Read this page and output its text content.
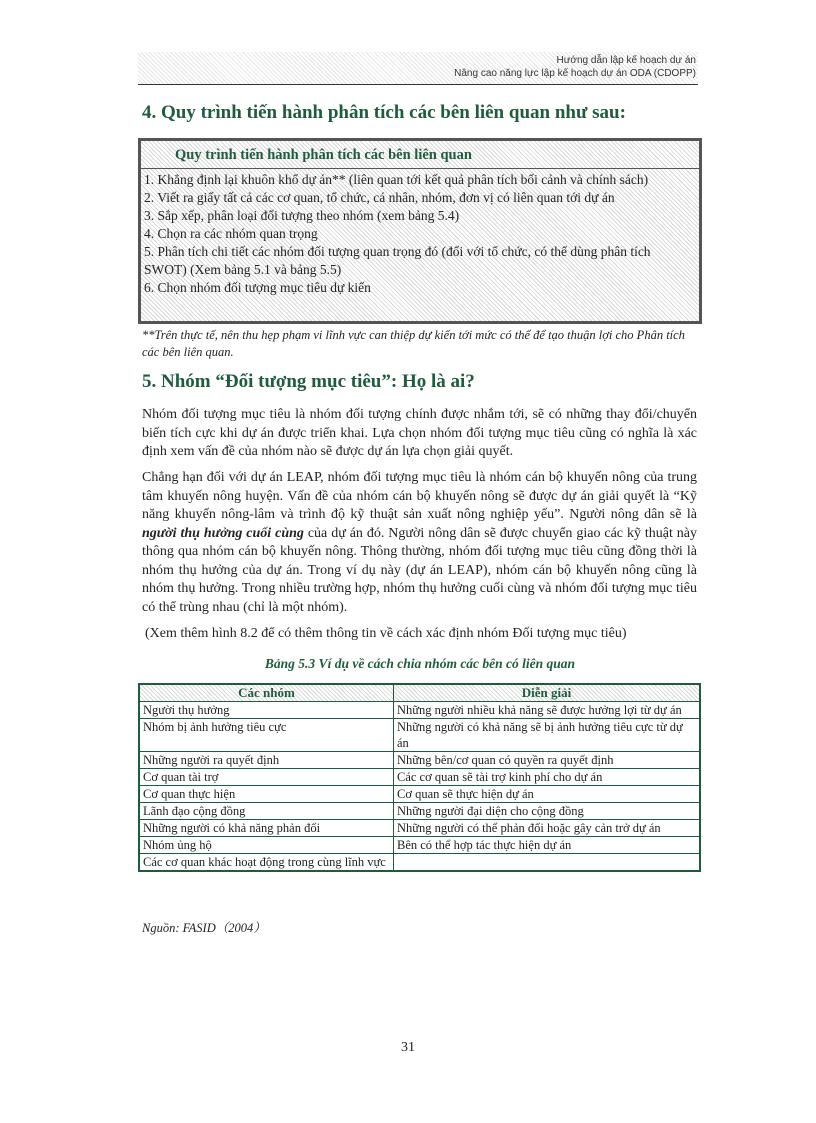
Hướng dẫn lập kế hoạch dự án
Nâng cao năng lực lập kế hoạch dự án ODA (CDOPP)
4. Quy trình tiến hành phân tích các bên liên quan như sau:
Quy trình tiến hành phân tích các bên liên quan
1. Khẳng định lại khuôn khổ dự án** (liên quan tới kết quả phân tích bối cảnh và chính sách)
2. Viết ra giấy tất cả các cơ quan, tổ chức, cá nhân, nhóm, đơn vị có liên quan tới dự án
3. Sắp xếp, phân loại đối tượng theo nhóm (xem bảng 5.4)
4. Chọn ra các nhóm quan trọng
5. Phân tích chi tiết các nhóm đối tượng quan trọng đó (đối với tổ chức, có thể dùng phân tích SWOT) (Xem bảng 5.1 và bảng 5.5)
6. Chọn nhóm đối tượng mục tiêu dự kiến
**Trên thực tế, nên thu hẹp phạm vi lĩnh vực can thiệp dự kiến tới mức có thể để tạo thuận lợi cho Phân tích các bên liên quan.
5. Nhóm “Đối tượng mục tiêu”: Họ là ai?

Nhóm đối tượng mục tiêu là nhóm đối tượng chính được nhắm tới, sẽ có những thay đổi/chuyển biến tích cực khi dự án được triển khai. Lựa chọn nhóm đối tượng mục tiêu cũng có nghĩa là xác định xem vấn đề của nhóm nào sẽ được dự án lựa chọn giải quyết.

Chẳng hạn đối với dự án LEAP, nhóm đối tượng mục tiêu là nhóm cán bộ khuyến nông của trung tâm khuyến nông huyện. Vấn đề của nhóm cán bộ khuyến nông sẽ được dự án giải quyết là “Kỹ năng khuyến nông-lâm và trình độ kỹ thuật sản xuất nông nghiệp yếu”. Người nông dân sẽ là người thụ hưởng cuối cùng của dự án đó. Người nông dân sẽ được chuyển giao các kỹ thuật này thông qua nhóm cán bộ khuyến nông. Thông thường, nhóm đối tượng mục tiêu cũng đồng thời là nhóm thụ hưởng của dự án. Trong ví dụ này (dự án LEAP), nhóm cán bộ khuyến nông cũng là nhóm thụ hưởng. Trong nhiều trường hợp, nhóm thụ hưởng cuối cùng và nhóm đối tượng mục tiêu có thể trùng nhau (chỉ là một nhóm).

(Xem thêm hình 8.2 để có thêm thông tin về cách xác định nhóm Đối tượng mục tiêu)

Bảng 5.3 Ví dụ về cách chia nhóm các bên có liên quan
Các nhóm	Diễn giải
Người thụ hưởng	Những người nhiều khả năng sẽ được hưởng lợi từ dự án
Nhóm bị ảnh hưởng tiêu cực	Những người có khả năng sẽ bị ảnh hưởng tiêu cực từ dự án
Những người ra quyết định	Những bên/cơ quan có quyền ra quyết định
Cơ quan tài trợ	Các cơ quan sẽ tài trợ kinh phí cho dự án
Cơ quan thực hiện	Cơ quan sẽ thực hiện dự án
Lãnh đạo cộng đồng	Những người đại diện cho cộng đồng
Những người có khả năng phản đối	Những người có thể phản đối hoặc gây cản trở dự án
Nhóm ủng hộ	Bên có thể hợp tác thực hiện dự án
Các cơ quan khác hoạt động trong cùng lĩnh vực	
Nguồn: FASID（2004）
31
